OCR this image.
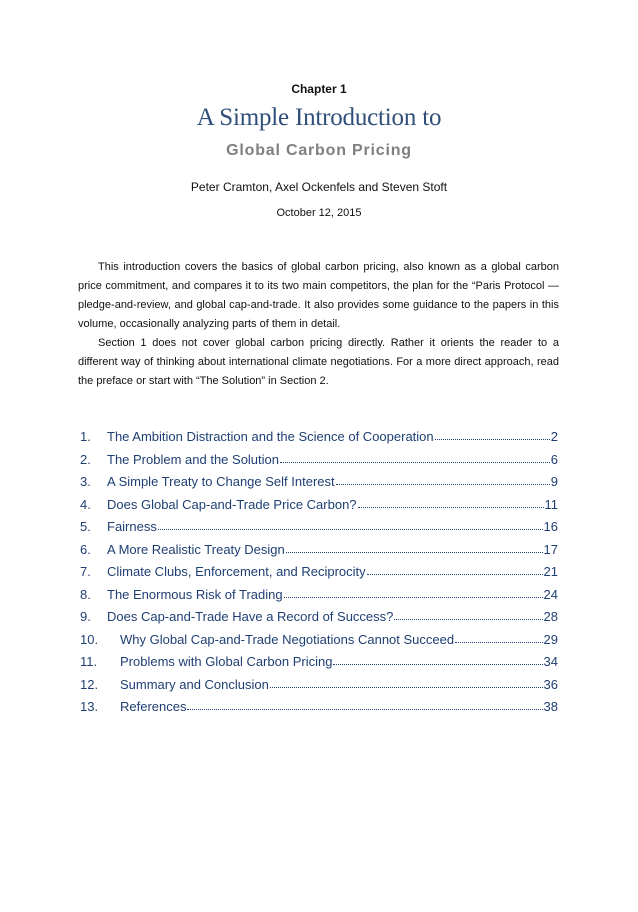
Chapter 1
A Simple Introduction to
Global Carbon Pricing
Peter Cramton, Axel Ockenfels and Steven Stoft
October 12, 2015

This introduction covers the basics of global carbon pricing, also known as a global carbon price commitment, and compares it to its two main competitors, the plan for the “Paris Protocol — pledge-and-review, and global cap-and-trade. It also provides some guidance to the papers in this volume, occasionally analyzing parts of them in detail.

Section 1 does not cover global carbon pricing directly. Rather it orients the reader to a different way of thinking about international climate negotiations. For a more direct approach, read the preface or start with “The Solution” in Section 2.

1.	The Ambition Distraction and the Science of Cooperation	2
2.	The Problem and the Solution	6
3.	A Simple Treaty to Change Self Interest	9
4.	Does Global Cap-and-Trade Price Carbon?	11
5.	Fairness	16
6.	A More Realistic Treaty Design	17
7.	Climate Clubs, Enforcement, and Reciprocity	21
8.	The Enormous Risk of Trading	24
9.	Does Cap-and-Trade Have a Record of Success?	28
10.	Why Global Cap-and-Trade Negotiations Cannot Succeed	29
11.	Problems with Global Carbon Pricing	34
12.	Summary and Conclusion	36
13.	References	38
